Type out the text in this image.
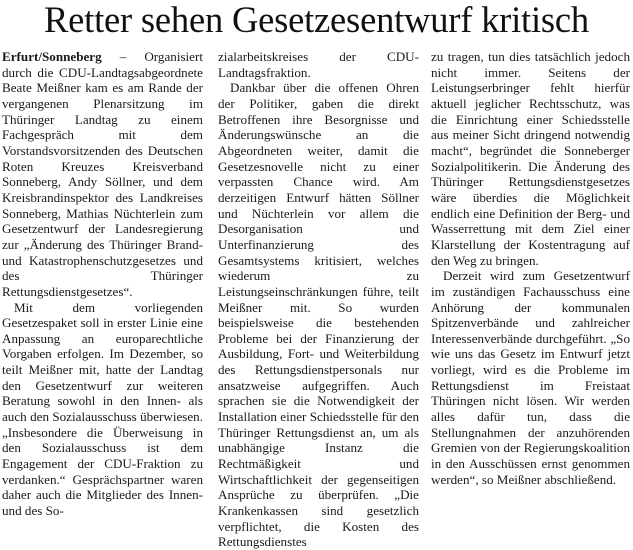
Retter sehen Gesetzesentwurf kritisch

Erfurt/Sonneberg – Organisiert durch die CDU-Landtagsabgeordnete Beate Meißner kam es am Rande der vergangenen Plenarsitzung im Thüringer Landtag zu einem Fachgespräch mit dem Vorstandsvorsitzenden des Deutschen Roten Kreuzes Kreisverband Sonneberg, Andy Söllner, und dem Kreisbrandinspektor des Landkreises Sonneberg, Mathias Nüchterlein zum Gesetzentwurf der Landesregierung zur „Änderung des Thüringer Brand- und Katastrophenschutzgesetzes und des Thüringer Rettungsdienstgesetzes“.

Mit dem vorliegenden Gesetzespaket soll in erster Linie eine Anpassung an europarechtliche Vorgaben erfolgen. Im Dezember, so teilt Meißner mit, hatte der Landtag den Gesetzentwurf zur weiteren Beratung sowohl in den Innen- als auch den Sozialausschuss überwiesen. „Insbesondere die Überweisung in den Sozialausschuss ist dem Engagement der CDU-Fraktion zu verdanken.“ Gesprächspartner waren daher auch die Mitglieder des Innen- und des So-

zialarbeitskreises der CDU-Landtagsfraktion.

Dankbar über die offenen Ohren der Politiker, gaben die direkt Betroffenen ihre Besorgnisse und Änderungswünsche an die Abgeordneten weiter, damit die Gesetzesnovelle nicht zu einer verpassten Chance wird. Am derzeitigen Entwurf hätten Söllner und Nüchterlein vor allem die Desorganisation und Unterfinanzierung des Gesamtsystems kritisiert, welches wiederum zu Leistungseinschränkungen führe, teilt Meißner mit. So wurden beispielsweise die bestehenden Probleme bei der Finanzierung der Ausbildung, Fort- und Weiterbildung des Rettungsdienstpersonals nur ansatzweise aufgegriffen. Auch sprachen sie die Notwendigkeit der Installation einer Schiedsstelle für den Thüringer Rettungsdienst an, um als unabhängige Instanz die Rechtmäßigkeit und Wirtschaftlichkeit der gegenseitigen Ansprüche zu überprüfen. „Die Krankenkassen sind gesetzlich verpflichtet, die Kosten des Rettungsdienstes

zu tragen, tun dies tatsächlich jedoch nicht immer. Seitens der Leistungserbringer fehlt hierfür aktuell jeglicher Rechtsschutz, was die Einrichtung einer Schiedsstelle aus meiner Sicht dringend notwendig macht“, begründet die Sonneberger Sozialpolitikerin. Die Änderung des Thüringer Rettungsdienstgesetzes wäre überdies die Möglichkeit endlich eine Definition der Berg- und Wasserrettung mit dem Ziel einer Klarstellung der Kostentragung auf den Weg zu bringen.

Derzeit wird zum Gesetzentwurf im zuständigen Fachausschuss eine Anhörung der kommunalen Spitzenverbände und zahlreicher Interessenverbände durchgeführt. „So wie uns das Gesetz im Entwurf jetzt vorliegt, wird es die Probleme im Rettungsdienst im Freistaat Thüringen nicht lösen. Wir werden alles dafür tun, dass die Stellungnahmen der anzuhörenden Gremien von der Regierungskoalition in den Ausschüssen ernst genommen werden“, so Meißner abschließend.
